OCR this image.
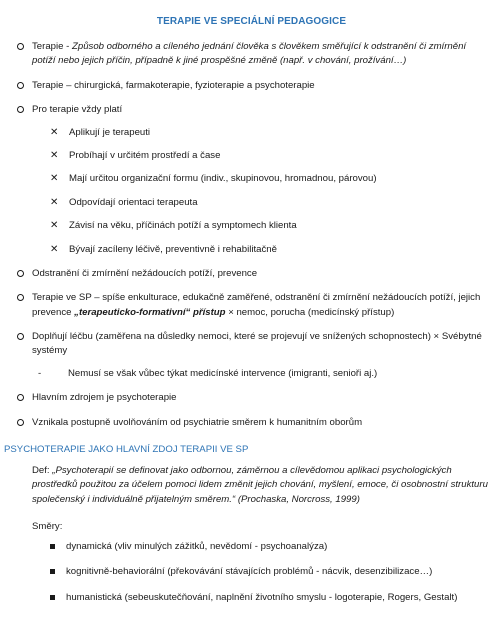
TERAPIE VE SPECIÁLNÍ PEDAGOGICE
Terapie - Způsob odborného a cíleného jednání člověka s člověkem směřující k odstranění či zmírnění potíží nebo jejich příčin, případně k jiné prospěšné změně (např. v chování, prožívání…)
Terapie – chirurgická, farmakoterapie, fyzioterapie a psychoterapie
Pro terapie vždy platí
✕ Aplikují je terapeuti
✕ Probíhají v určitém prostředí a čase
✕ Mají určitou organizační formu (indiv., skupinovou, hromadnou, párovou)
✕ Odpovídají orientaci terapeuta
✕ Závisí na věku, příčinách potíží a symptomech klienta
✕ Bývají zacíleny léčivě, preventivně i rehabilitačně
Odstranění či zmírnění nežádoucích potíží, prevence
Terapie ve SP – spíše enkulturace, edukačně zaměřené, odstranění či zmírnění nežádoucích potíží, jejich prevence „terapeuticko-formativní“ přístup × nemoc, porucha (medicínský přístup)
Doplňují léčbu (zaměřena na důsledky nemoci, které se projevují ve snížených schopnostech) × Svébytné systémy
-	Nemusí se však vůbec týkat medicínské intervence (imigranti, senioři aj.)
Hlavním zdrojem je psychoterapie
Vznikala postupně uvolňováním od psychiatrie směrem k humanitním oborům
PSYCHOTERAPIE JAKO HLAVNÍ ZDOJ TERAPII VE SP

Def: „Psychoterapií se definovat jako odbornou, záměrnou a cílevědomou aplikaci psychologických prostředků použitou za účelem pomoci lidem změnit jejich chování, myšlení, emoce, či osobnostní strukturu společenský i individuálně přijatelným směrem.“ (Prochaska, Norcross, 1999)

Směry:
dynamická (vliv minulých zážitků, nevědomí - psychoanalýza)
kognitivně-behaviorální (překovávání stávajících problémů - nácvik, desenzibilizace…)
humanistická (sebeuskutečňování, naplnění životního smyslu - logoterapie, Rogers, Gestalt)
